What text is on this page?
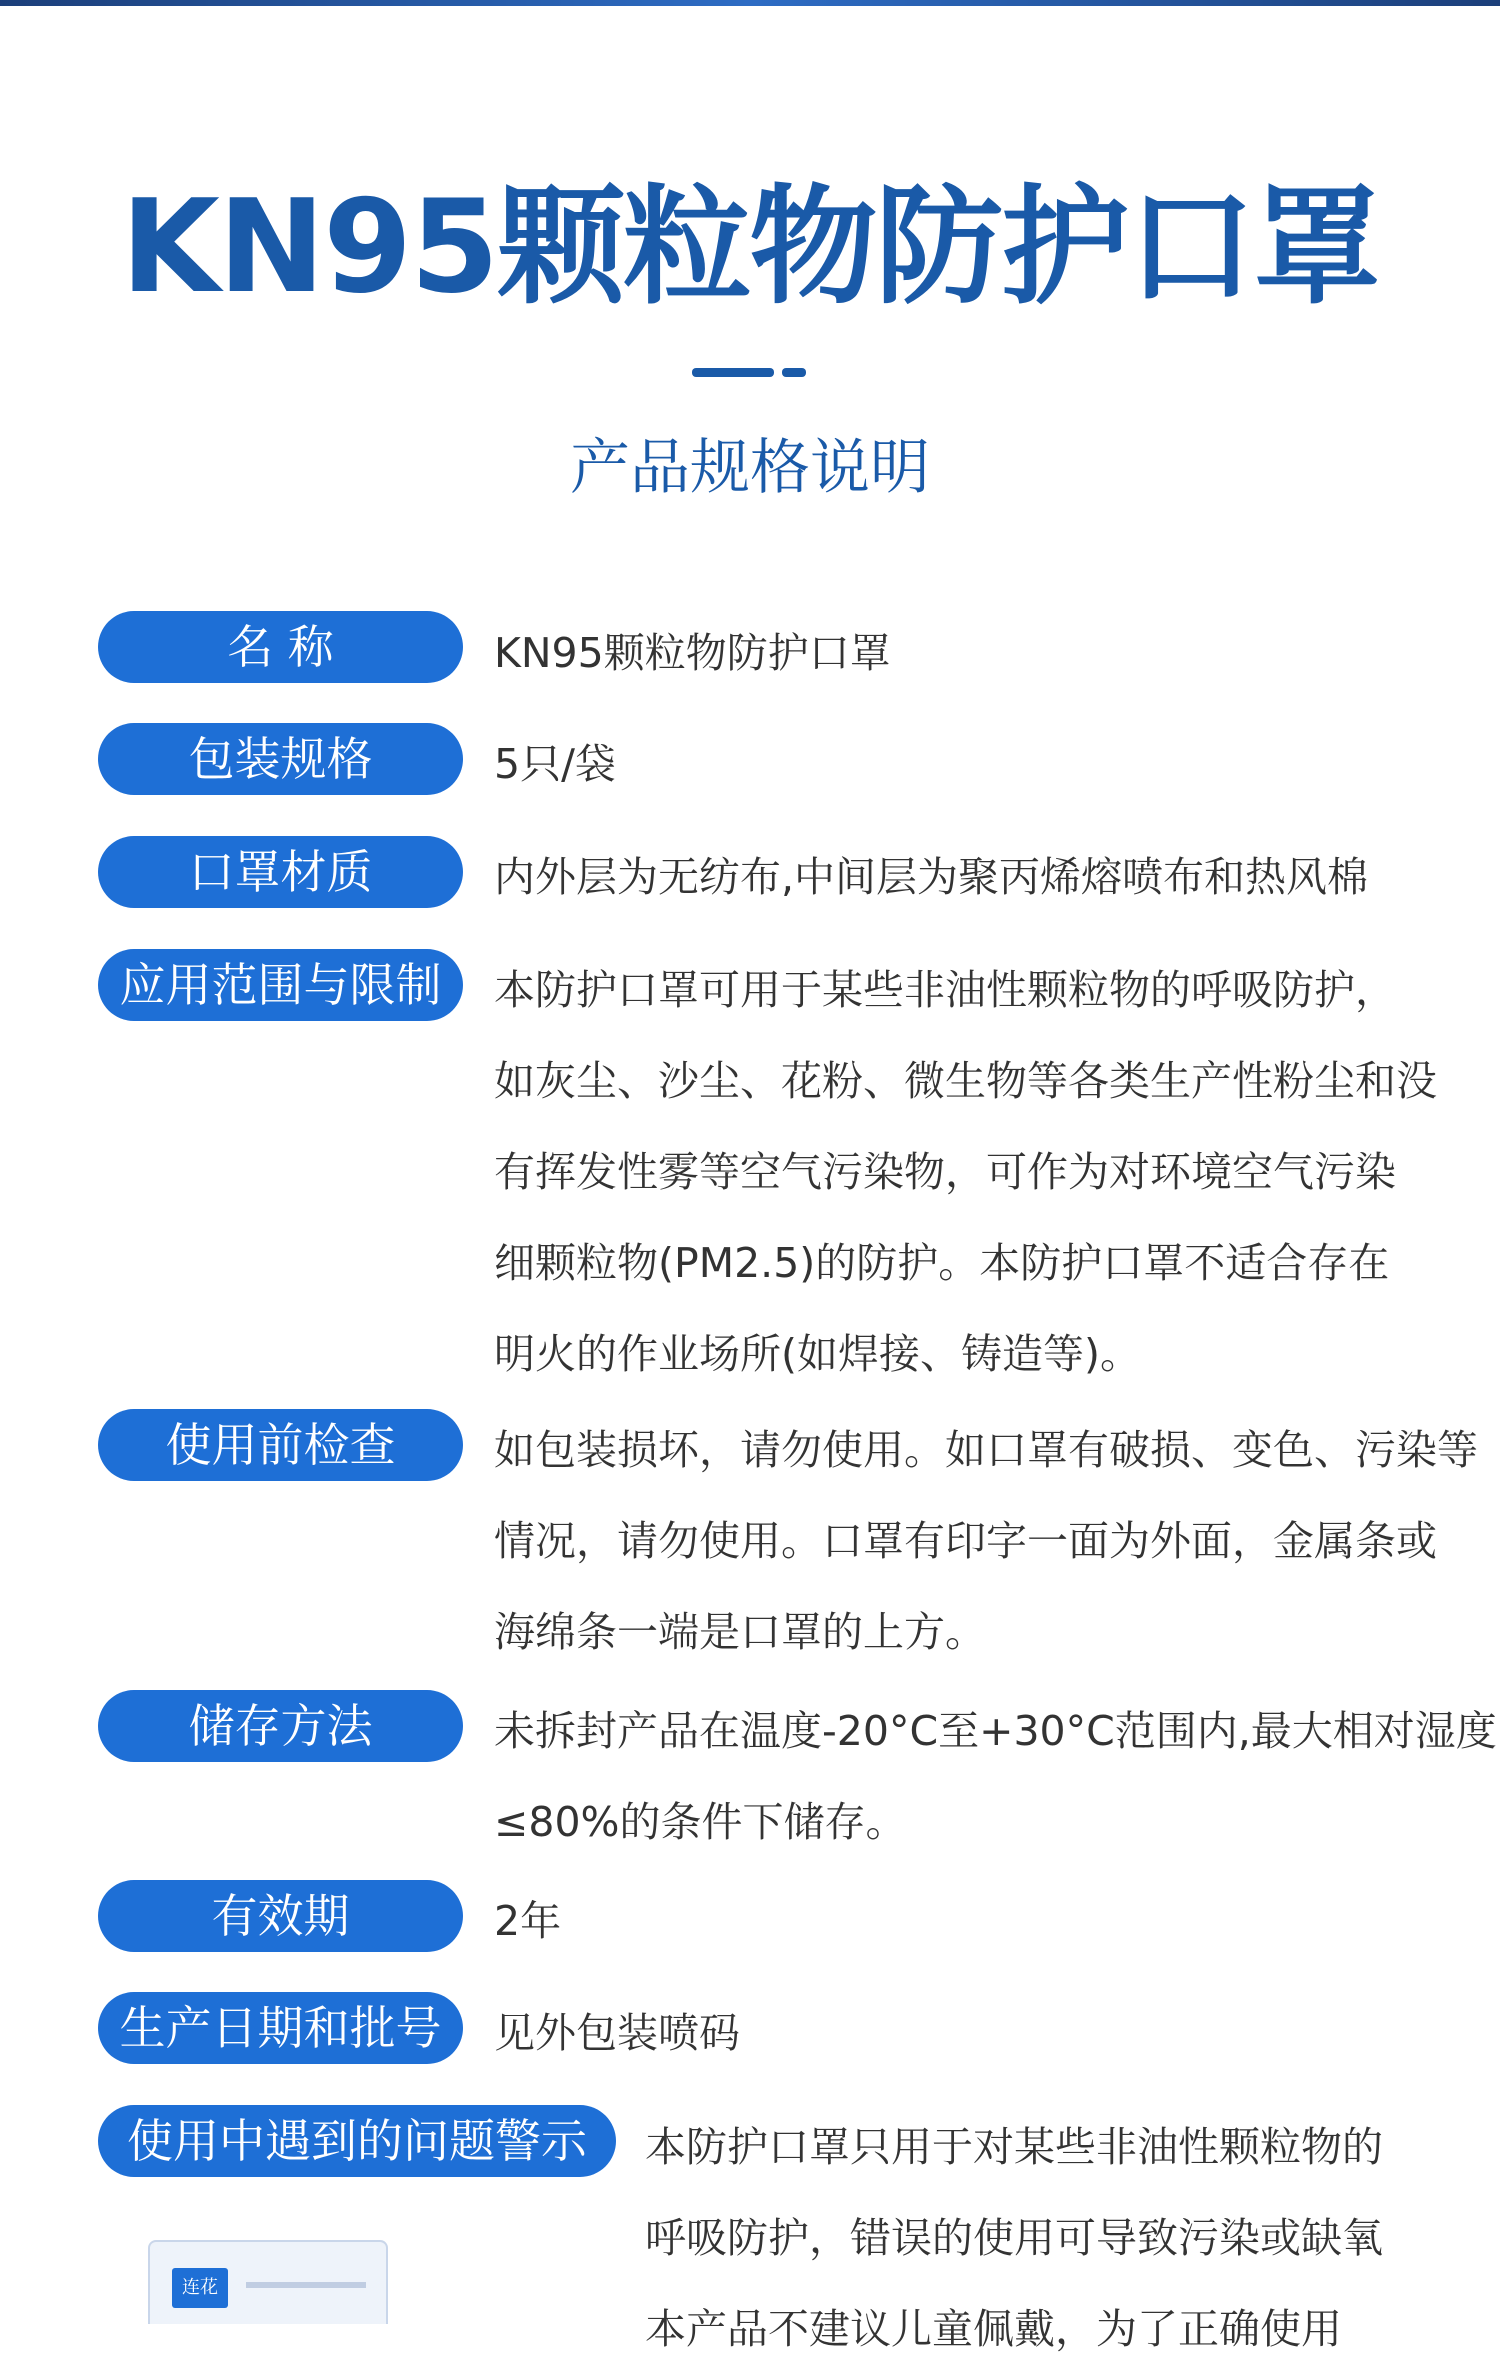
KN95颗粒物防护口罩
产品规格说明
名 称	KN95颗粒物防护口罩
包装规格	5只/袋
口罩材质	内外层为无纺布,中间层为聚丙烯熔喷布和热风棉
应用范围与限制	本防护口罩可用于某些非油性颗粒物的呼吸防护，
如灰尘、沙尘、花粉、微生物等各类生产性粉尘和没
有挥发性雾等空气污染物，可作为对环境空气污染
细颗粒物(PM2.5)的防护。本防护口罩不适合存在
明火的作业场所(如焊接、铸造等)。
使用前检查	如包装损坏，请勿使用。如口罩有破损、变色、污染等
情况，请勿使用。口罩有印字一面为外面，金属条或
海绵条一端是口罩的上方。
储存方法	未拆封产品在温度-20°C至+30°C范围内,最大相对湿度
≤80%的条件下储存。
有效期	2年
生产日期和批号	见外包装喷码
使用中遇到的问题警示	本防护口罩只用于对某些非油性颗粒物的
呼吸防护，错误的使用可导致污染或缺氧
本产品不建议儿童佩戴，为了正确使用
连花
